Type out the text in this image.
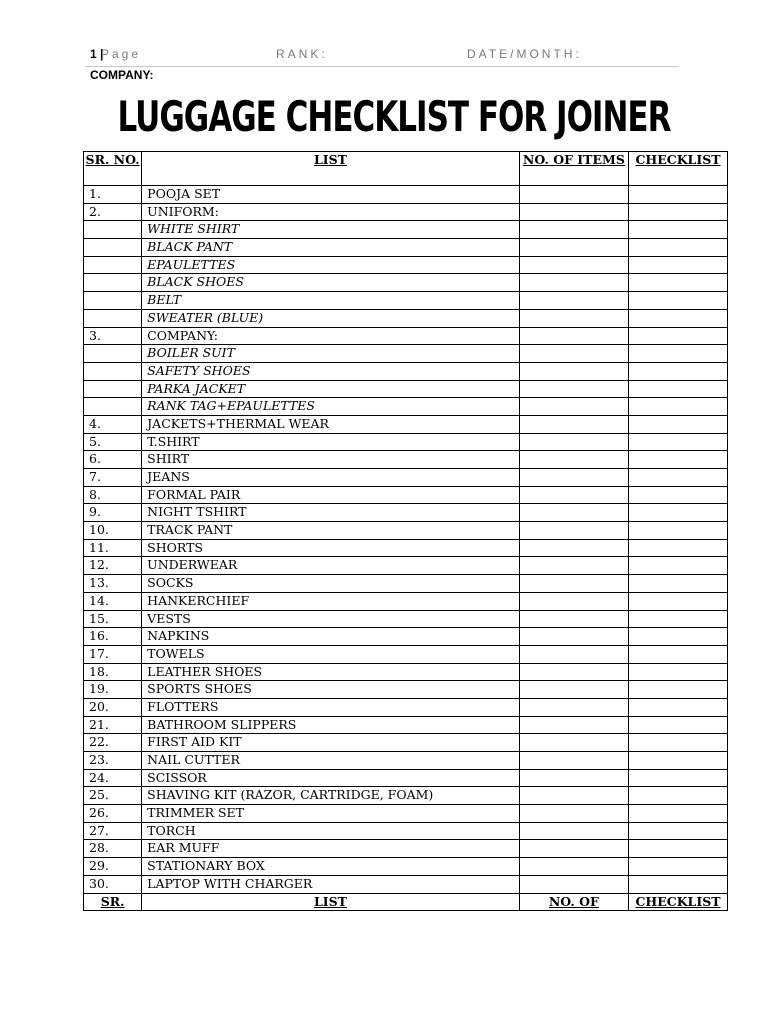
1 |
Page	RANK:	DATE/MONTH:
COMPANY:
LUGGAGE CHECKLIST FOR JOINER
SR. NO.	LIST	NO. OF ITEMS	CHECKLIST
1.	POOJA SET		
2.	UNIFORM:		
	WHITE SHIRT		
	BLACK PANT		
	EPAULETTES		
	BLACK SHOES		
	BELT		
	SWEATER (BLUE)		
3.	COMPANY:		
	BOILER SUIT		
	SAFETY SHOES		
	PARKA JACKET		
	RANK TAG+EPAULETTES		
4.	JACKETS+THERMAL WEAR		
5.	T.SHIRT		
6.	SHIRT		
7.	JEANS		
8.	FORMAL PAIR		
9.	NIGHT TSHIRT		
10.	TRACK PANT		
11.	SHORTS		
12.	UNDERWEAR		
13.	SOCKS		
14.	HANKERCHIEF		
15.	VESTS		
16.	NAPKINS		
17.	TOWELS		
18.	LEATHER SHOES		
19.	SPORTS SHOES		
20.	FLOTTERS		
21.	BATHROOM SLIPPERS		
22.	FIRST AID KIT		
23.	NAIL CUTTER		
24.	SCISSOR		
25.	SHAVING KIT (RAZOR, CARTRIDGE, FOAM)		
26.	TRIMMER SET		
27.	TORCH		
28.	EAR MUFF		
29.	STATIONARY BOX		
30.	LAPTOP WITH CHARGER		
SR.	LIST	NO. OF	CHECKLIST
